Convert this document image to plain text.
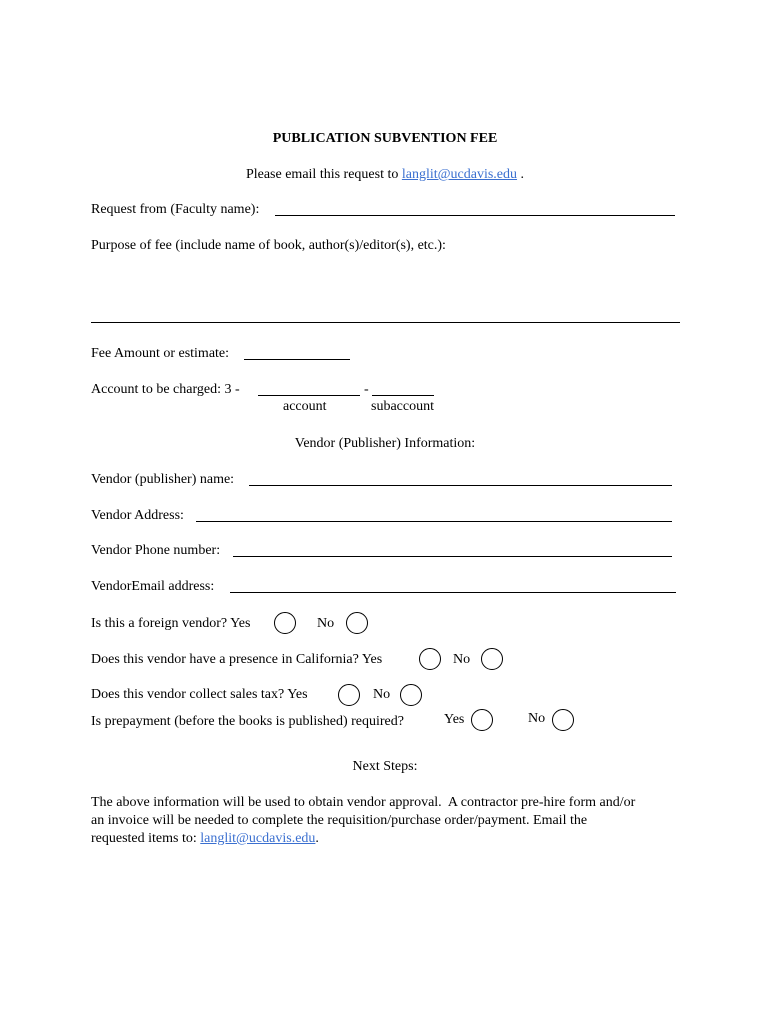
PUBLICATION SUBVENTION FEE
Please email this request to langlit@ucdavis.edu .
Request from (Faculty name):
Purpose of fee (include name of book, author(s)/editor(s), etc.):
Fee Amount or estimate:
Account to be charged: 3 -	-
account	subaccount
Vendor (Publisher) Information:
Vendor (publisher) name:
Vendor Address:
Vendor Phone number:
VendorEmail address:
Is this a foreign vendor? Yes	No
Does this vendor have a presence in California? Yes	No
Does this vendor collect sales tax? Yes	No
Is prepayment (before the books is published) required?	Yes	No
Next Steps:
The above information will be used to obtain vendor approval.  A contractor pre-hire form and/or
an invoice will be needed to complete the requisition/purchase order/payment. Email the
requested items to: langlit@ucdavis.edu.
